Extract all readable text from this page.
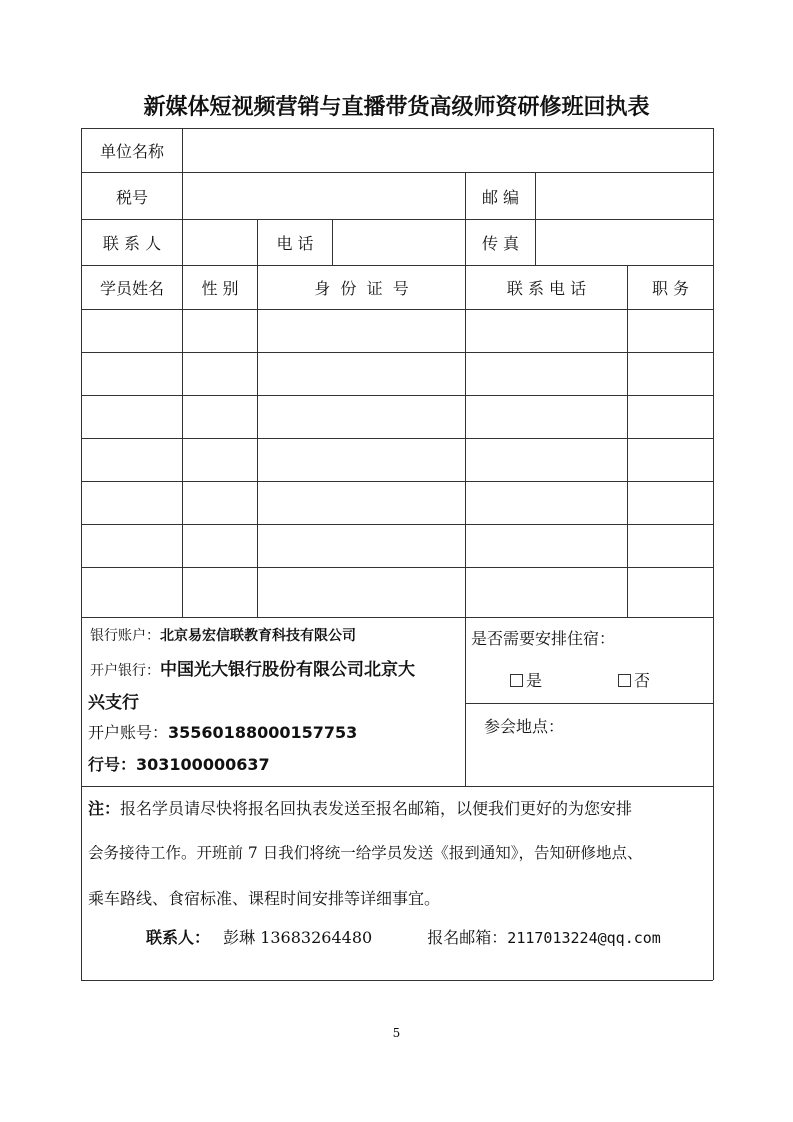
新媒体短视频营销与直播带货高级师资研修班回执表
单位名称
税号	邮 编
联 系 人	电 话	传 真
学员姓名	性 别	身  份  证  号	联 系 电 话	职 务
银行账户：北京易宏信联教育科技有限公司
开户银行：中国光大银行股份有限公司北京大
兴支行
开户账号：35560188000157753
行号：303100000637
是否需要安排住宿：
是	否
参会地点：
注：报名学员请尽快将报名回执表发送至报名邮箱，以便我们更好的为您安排
会务接待工作。开班前 7 日我们将统一给学员发送《报到通知》，告知研修地点、
乘车路线、食宿标准、课程时间安排等详细事宜。
联系人： 彭琳 13683264480	报名邮箱：2117013224@qq.com
5
